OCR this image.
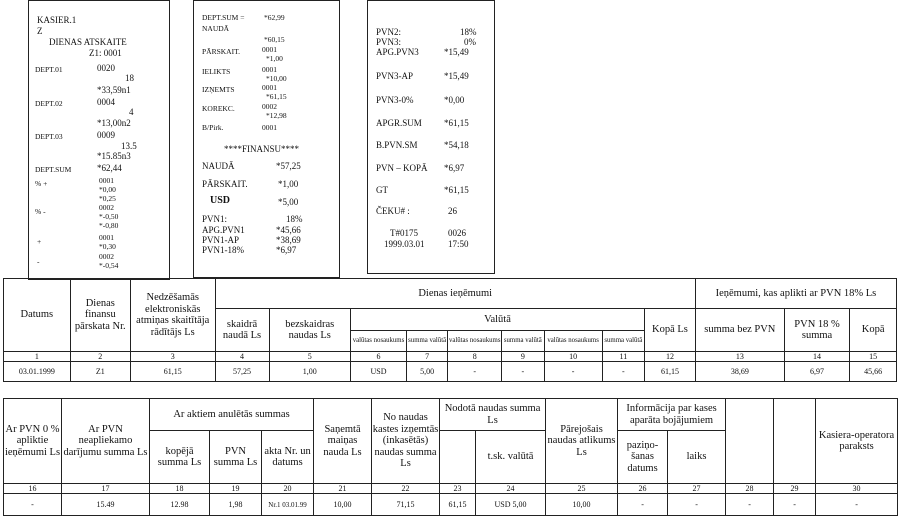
KASIER.1
Z
DIENAS ATSKAITE
Z1: 0001
DEPT.01	0020
18
*33,59n1
DEPT.02	0004
4
*13,00n2
DEPT.03	0009
13.5
*15.85n3
DEPT.SUM	*62,44
% +	0001
*0,00
*0,25
% -	0002
*-0,50
*-0,80
+	0001
*0,30
-
0002
*-0,54
DEPT.SUM =	*62,99
NAUDĀ
*60,15
PĀRSKAIT.	0001
*1,00
IELIKTS	0001
*10,00
IZŅEMTS	0001
*61,15
KOREKC.	0002
*12,98
B/Pirk.	0001
****FINANSU****
NAUDĀ	*57,25
PĀRSKAIT.	*1,00
USD	*5,00
PVN1:	18%
APG.PVN1	*45,66
PVN1-AP	*38,69
PVN1-18%	*6,97
PVN2:	18%
PVN3:	0%
APG.PVN3	*15,49
PVN3-AP	*15,49
PVN3-0%	*0,00
APGR.SUM *61,15
B.PVN.SM	*54,18
PVN – KOPĀ *6,97
GT	*61,15
ČEKU# :	26
T#0175	0026
1999.03.01	17:50
Datums	Dienas finansu pārskata Nr.	Nedzēšamās elektroniskās atmiņas skaitītāja rādītājs Ls	Dienas ieņēmumi									Ieņēmumi, kas aplikti ar PVN 18% Ls		
			skaidrā naudā Ls	bezskaidras naudas Ls	Valūtā						Kopā Ls	summa bez PVN	PVN 18 % summa	Kopā
					valūtas nosaukums	summa valūtā	valūtas nosaukums	summa valūtā	valūtas nosaukums	summa valūtā				
1	2	3	4	5	6	7	8	9	10	11	12	13	14	15
03.01.1999	Z1	61,15	57,25	1,00	USD	5,00	-	-	-	-	61,15	38,69	6,97	45,66
Ar PVN 0 % apliktie ieņēmumi Ls	Ar PVN neapliekamo darījumu summa Ls	Ar aktiem anulētās summas			Saņemtā maiņas nauda Ls	No naudas kastes izņemtās (inkasētās) naudas summa Ls	Nodotā naudas summa Ls		Pārejošais naudas atlikums Ls	Informācija par kases aparāta bojājumiem				Kasiera-operatora paraksts
		kopējā summa Ls	PVN summa Ls	akta Nr. un datums				t.sk. valūtā		paziņo-šanas datums	laiks			
16	17	18	19	20	21	22	23	24	25	26	27	28	29	30
-	15.49	12.98	1,98	Nr.1 03.01.99	10,00	71,15	61,15	USD 5,00	10,00	-	-	-	-	-
